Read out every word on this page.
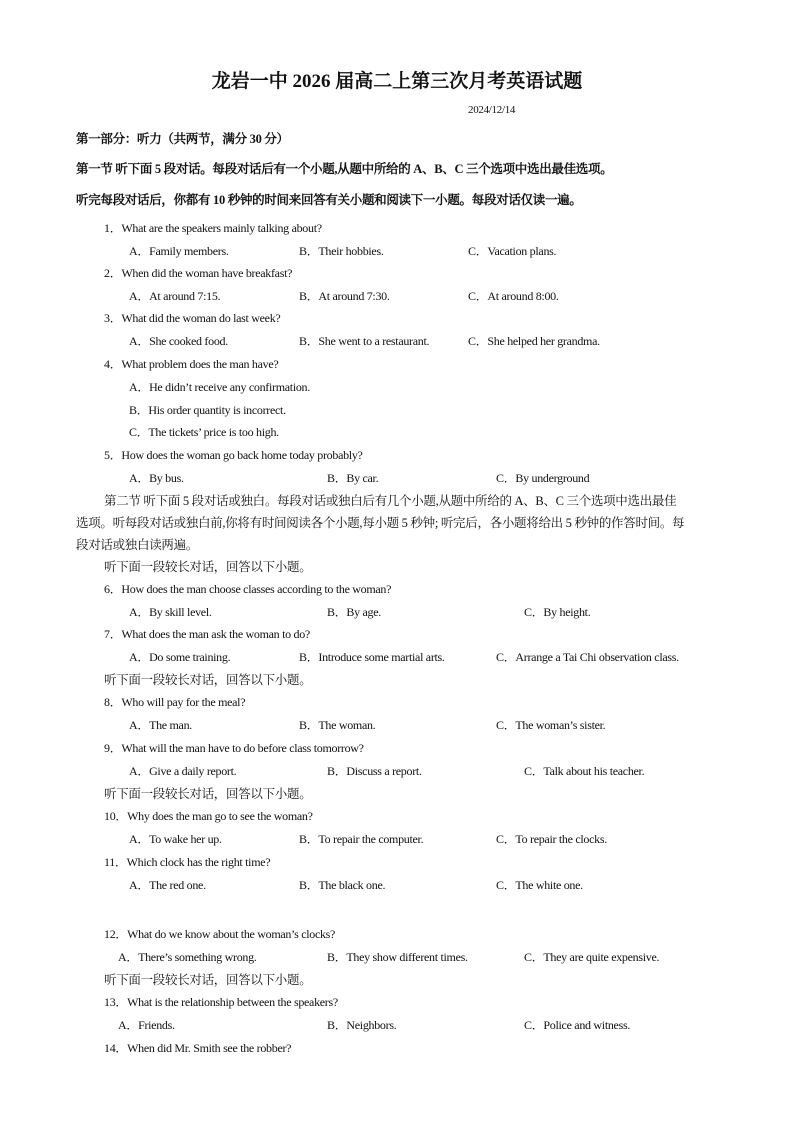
龙岩一中 2026 届高二上第三次月考英语试题
2024/12/14
第一部分：听力（共两节，满分 30 分）
第一节 听下面 5 段对话。每段对话后有一个小题,从题中所给的 A、B、C 三个选项中选出最佳选项。
听完每段对话后，你都有 10 秒钟的时间来回答有关小题和阅读下一小题。每段对话仅读一遍。
1．What are the speakers mainly talking about?
A．Family members.	B．Their hobbies.	C．Vacation plans.
2．When did the woman have breakfast?
A．At around 7:15.	B．At around 7:30.	C．At around 8:00.
3．What did the woman do last week?
A．She cooked food.	B．She went to a restaurant.	C．She helped her grandma.
4．What problem does the man have?
A．He didn’t receive any confirmation.
B．His order quantity is incorrect.
C．The tickets’ price is too high.
5．How does the woman go back home today probably?
A．By bus.	B．By car.	C．By underground
第二节 听下面 5 段对话或独白。每段对话或独白后有几个小题,从题中所给的 A、B、C 三个选项中选出最佳
选项。听每段对话或独白前,你将有时间阅读各个小题,每小题 5 秒钟; 听完后，各小题将给出 5 秒钟的作答时间。每
段对话或独白读两遍。
听下面一段较长对话，回答以下小题。
6．How does the man choose classes according to the woman?
A．By skill level.	B．By age.	C．By height.
7．What does the man ask the woman to do?
A．Do some training.	B．Introduce some martial arts.	C．Arrange a Tai Chi observation class.
听下面一段较长对话，回答以下小题。
8．Who will pay for the meal?
A．The man.	B．The woman.	C．The woman’s sister.
9．What will the man have to do before class tomorrow?
A．Give a daily report.	B．Discuss a report.	C．Talk about his teacher.
听下面一段较长对话，回答以下小题。
10．Why does the man go to see the woman?
A．To wake her up.	B．To repair the computer.	C．To repair the clocks.
11．Which clock has the right time?
A．The red one.	B．The black one.	C．The white one.
12．What do we know about the woman’s clocks?
A．There’s something wrong.	B．They show different times.	C．They are quite expensive.
听下面一段较长对话，回答以下小题。
13．What is the relationship between the speakers?
A．Friends.	B．Neighbors.	C．Police and witness.
14．When did Mr. Smith see the robber?
